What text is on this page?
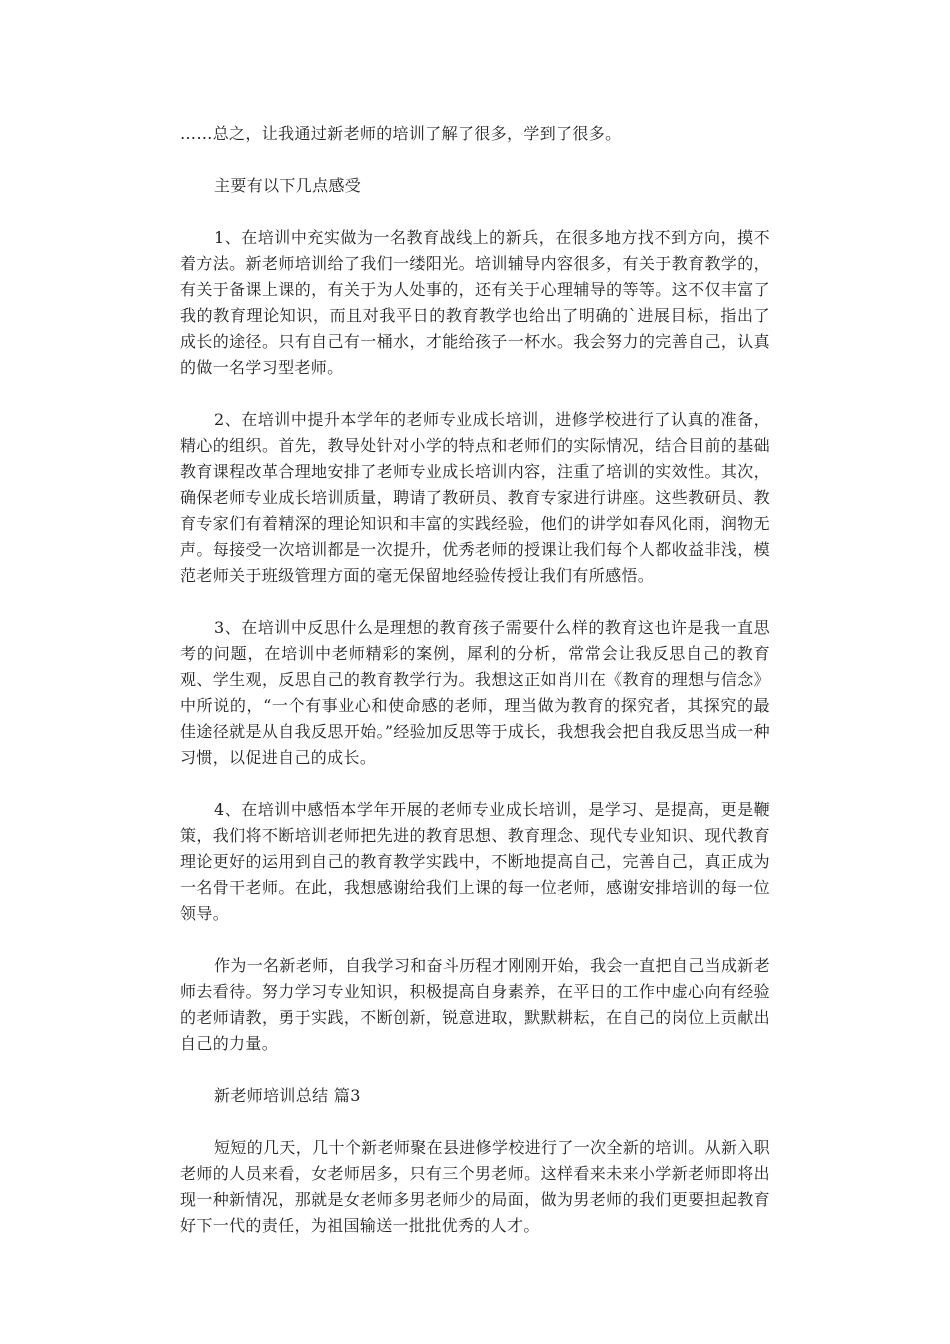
……总之，让我通过新老师的培训了解了很多，学到了很多。

主要有以下几点感受

1、在培训中充实做为一名教育战线上的新兵，在很多地方找不到方向，摸不着方法。新老师培训给了我们一缕阳光。培训辅导内容很多，有关于教育教学的，有关于备课上课的，有关于为人处事的，还有关于心理辅导的等等。这不仅丰富了我的教育理论知识，而且对我平日的教育教学也给出了明确的`进展目标，指出了成长的途径。只有自己有一桶水，才能给孩子一杯水。我会努力的完善自己，认真的做一名学习型老师。

2、在培训中提升本学年的老师专业成长培训，进修学校进行了认真的准备，精心的组织。首先，教导处针对小学的特点和老师们的实际情况，结合目前的基础教育课程改革合理地安排了老师专业成长培训内容，注重了培训的实效性。其次，确保老师专业成长培训质量，聘请了教研员、教育专家进行讲座。这些教研员、教育专家们有着精深的理论知识和丰富的实践经验，他们的讲学如春风化雨，润物无声。每接受一次培训都是一次提升，优秀老师的授课让我们每个人都收益非浅，模范老师关于班级管理方面的毫无保留地经验传授让我们有所感悟。

3、在培训中反思什么是理想的教育孩子需要什么样的教育这也许是我一直思考的问题，在培训中老师精彩的案例，犀利的分析，常常会让我反思自己的教育观、学生观，反思自己的教育教学行为。我想这正如肖川在《教育的理想与信念》中所说的，“一个有事业心和使命感的老师，理当做为教育的探究者，其探究的最佳途径就是从自我反思开始。”经验加反思等于成长，我想我会把自我反思当成一种习惯，以促进自己的成长。

4、在培训中感悟本学年开展的老师专业成长培训，是学习、是提高，更是鞭策，我们将不断培训老师把先进的教育思想、教育理念、现代专业知识、现代教育理论更好的运用到自己的教育教学实践中，不断地提高自己，完善自己，真正成为一名骨干老师。在此，我想感谢给我们上课的每一位老师，感谢安排培训的每一位领导。

作为一名新老师，自我学习和奋斗历程才刚刚开始，我会一直把自己当成新老师去看待。努力学习专业知识，积极提高自身素养，在平日的工作中虚心向有经验的老师请教，勇于实践，不断创新，锐意进取，默默耕耘，在自己的岗位上贡献出自己的力量。

新老师培训总结 篇3

短短的几天，几十个新老师聚在县进修学校进行了一次全新的培训。从新入职老师的人员来看，女老师居多，只有三个男老师。这样看来未来小学新老师即将出现一种新情况，那就是女老师多男老师少的局面，做为男老师的我们更要担起教育好下一代的责任，为祖国输送一批批优秀的人才。
